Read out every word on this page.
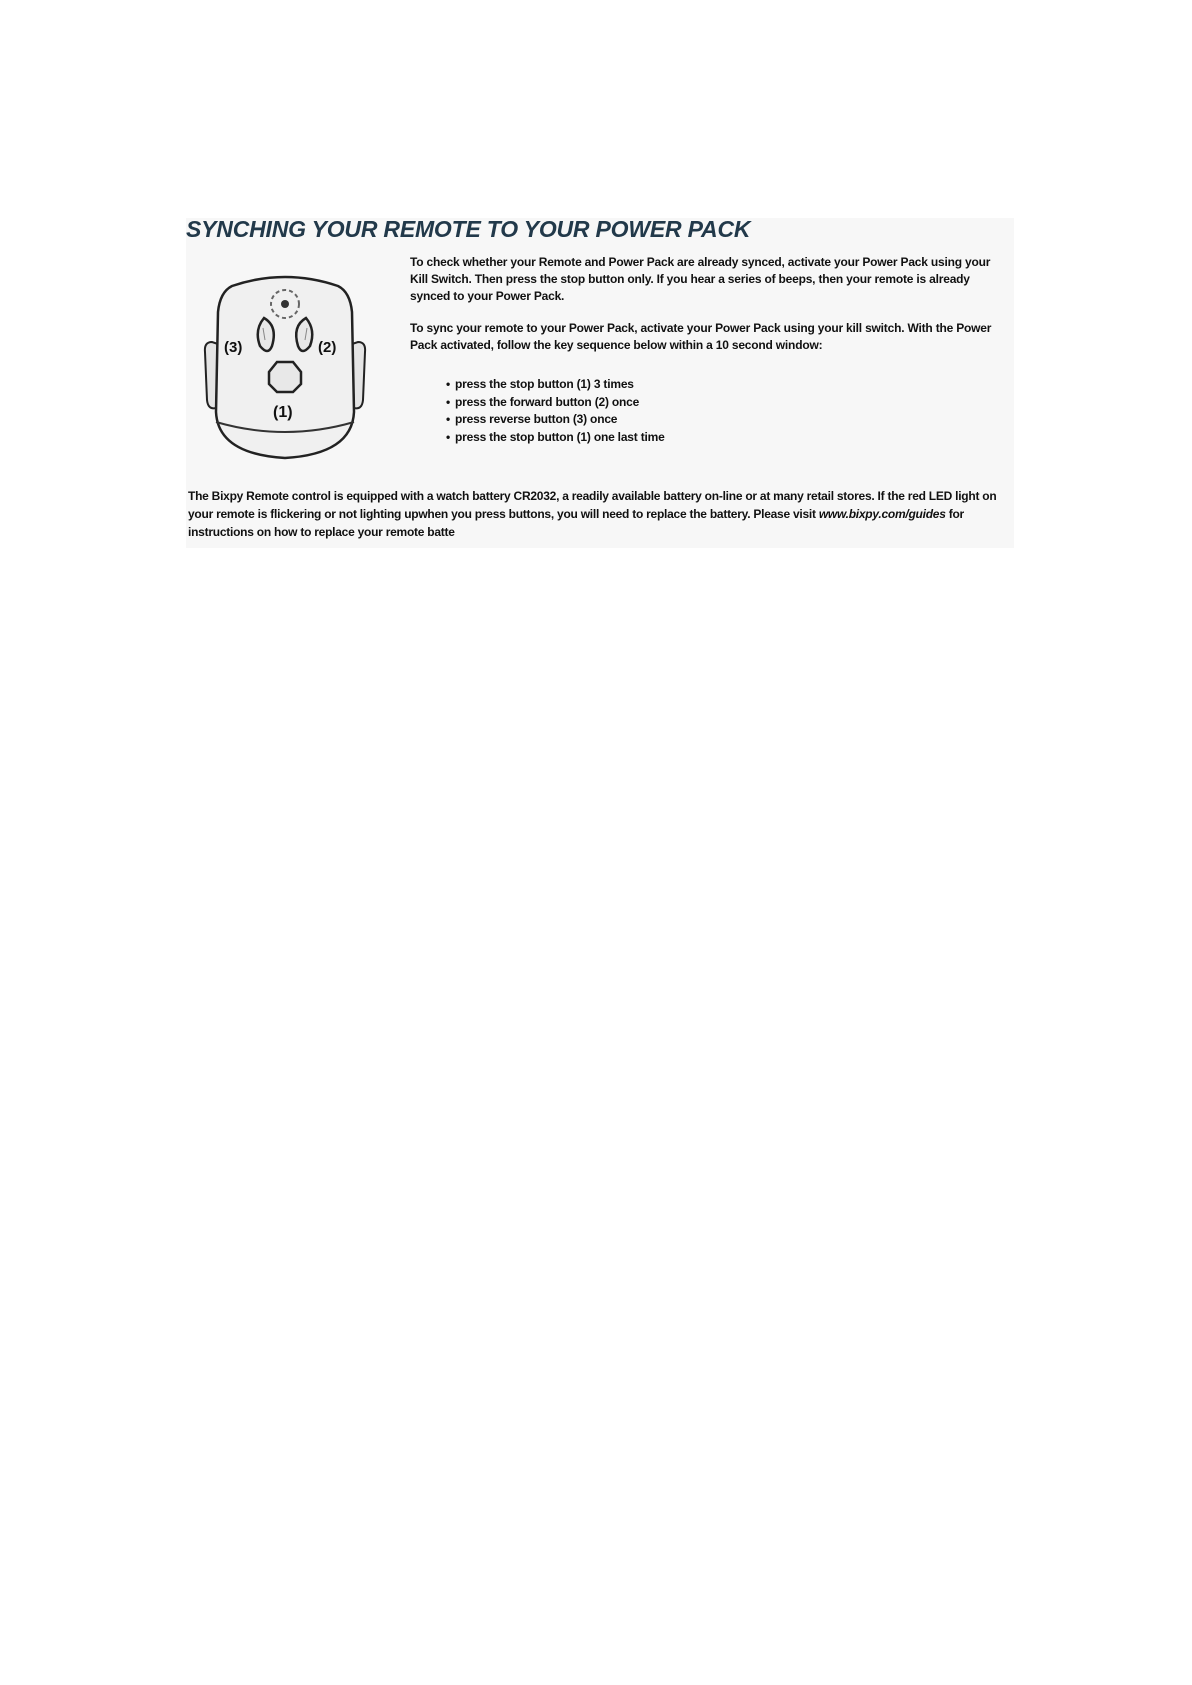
SYNCHING YOUR REMOTE TO YOUR POWER PACK
(3)	(2)
(1)

To check whether your Remote and Power Pack are already synced, activate your Power Pack using your Kill Switch. Then press the stop button only. If you hear a series of beeps, then your remote is already synced to your Power Pack.

To sync your remote to your Power Pack, activate your Power Pack using your kill switch. With the Power Pack activated, follow the key sequence below within a 10 second window:

• press the stop button (1) 3 times
• press the forward button (2) once
• press reverse button (3) once
• press the stop button (1) one last time

The Bixpy Remote control is equipped with a watch battery CR2032, a readily available battery on-line or at many retail stores. If the red LED light on your remote is flickering or not lighting upwhen you press buttons, you will need to replace the battery. Please visit www.bixpy.com/guides for instructions on how to replace your remote batte
